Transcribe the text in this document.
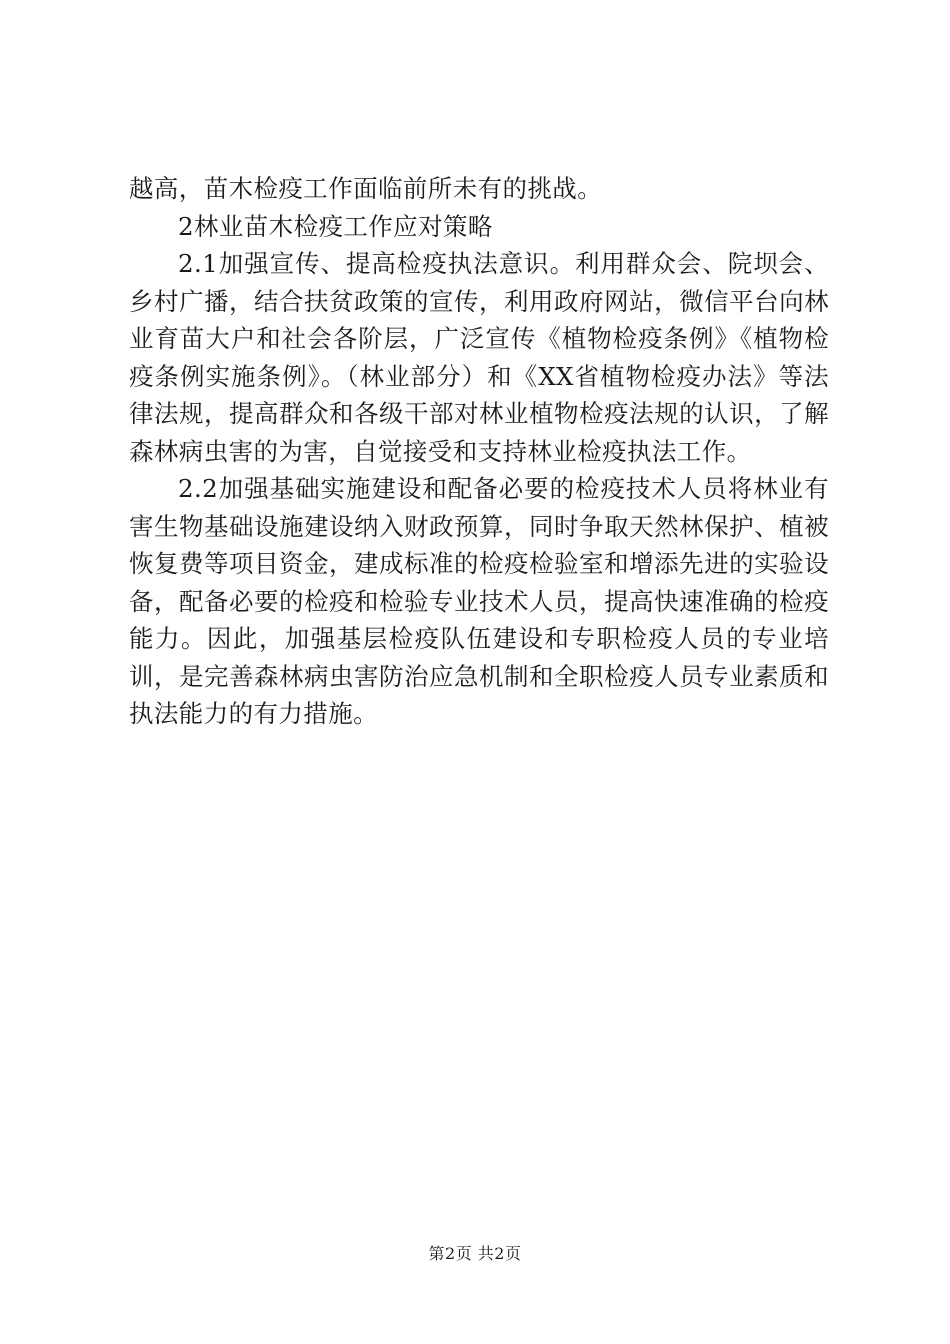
越高，苗木检疫工作面临前所未有的挑战。

2林业苗木检疫工作应对策略

2.1加强宣传、提高检疫执法意识。利用群众会、院坝会、乡村广播，结合扶贫政策的宣传，利用政府网站，微信平台向林业育苗大户和社会各阶层，广泛宣传《植物检疫条例》《植物检疫条例实施条例》。（林业部分）和《XX省植物检疫办法》等法律法规，提高群众和各级干部对林业植物检疫法规的认识，了解森林病虫害的为害，自觉接受和支持林业检疫执法工作。

2.2加强基础实施建设和配备必要的检疫技术人员将林业有害生物基础设施建设纳入财政预算，同时争取天然林保护、植被恢复费等项目资金，建成标准的检疫检验室和增添先进的实验设备，配备必要的检疫和检验专业技术人员，提高快速准确的检疫能力。因此，加强基层检疫队伍建设和专职检疫人员的专业培训，是完善森林病虫害防治应急机制和全职检疫人员专业素质和执法能力的有力措施。

第2页 共2页
